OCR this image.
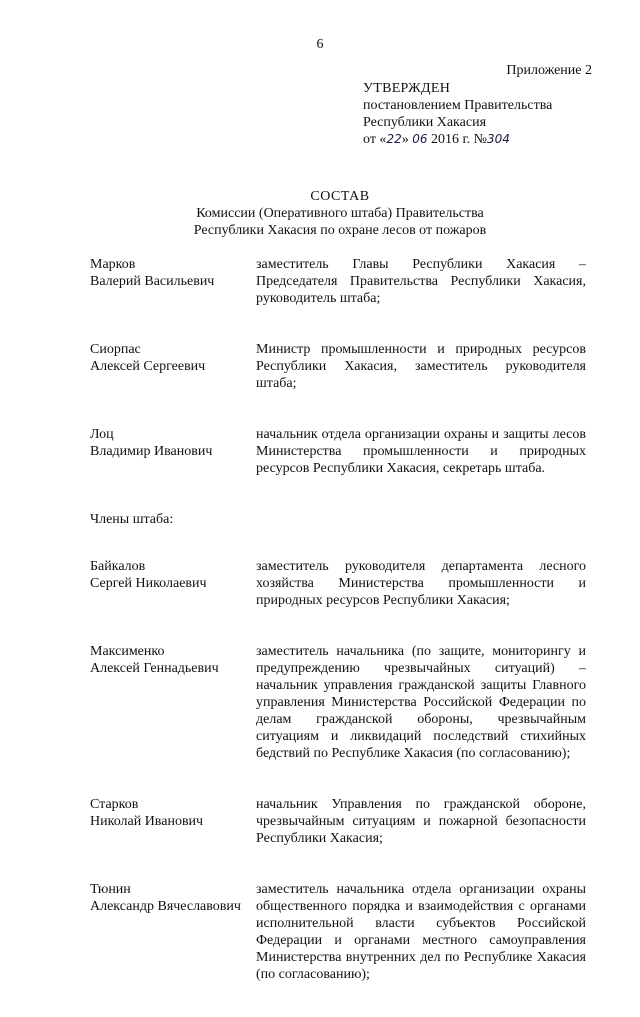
6
Приложение 2
УТВЕРЖДЕН
постановлением Правительства
Республики Хакасия
от «22» 06 2016 г. №304
СОСТАВ
Комиссии (Оперативного штаба) Правительства
Республики Хакасия по охране лесов от пожаров
Марков
Валерий Васильевич
заместитель Главы Республики Хакасия – Председателя Правительства Республики Хакасия, руководитель штаба;
Сиорпас
Алексей Сергеевич
Министр промышленности и природных ресурсов Республики Хакасия, заместитель руководителя штаба;
Лоц
Владимир Иванович
начальник отдела организации охраны и защиты лесов Министерства промышленности и природных ресурсов Республики Хакасия, секретарь штаба.
Члены штаба:
Байкалов
Сергей Николаевич
заместитель руководителя департамента лесного хозяйства Министерства промышленности и природных ресурсов Республики Хакасия;
Максименко
Алексей Геннадьевич
заместитель начальника (по защите, мониторингу и предупреждению чрезвычайных ситуаций) – начальник управления гражданской защиты Главного управления Министерства Российской Федерации по делам гражданской обороны, чрезвычайным ситуациям и ликвидаций последствий стихийных бедствий по Республике Хакасия (по согласованию);
Старков
Николай Иванович
начальник Управления по гражданской обороне, чрезвычайным ситуациям и пожарной безопасности Республики Хакасия;
Тюнин
Александр Вячеславович
заместитель начальника отдела организации охраны общественного порядка и взаимодействия с органами исполнительной власти субъектов Российской Федерации и органами местного самоуправления Министерства внутренних дел по Республике Хакасия (по согласованию);
